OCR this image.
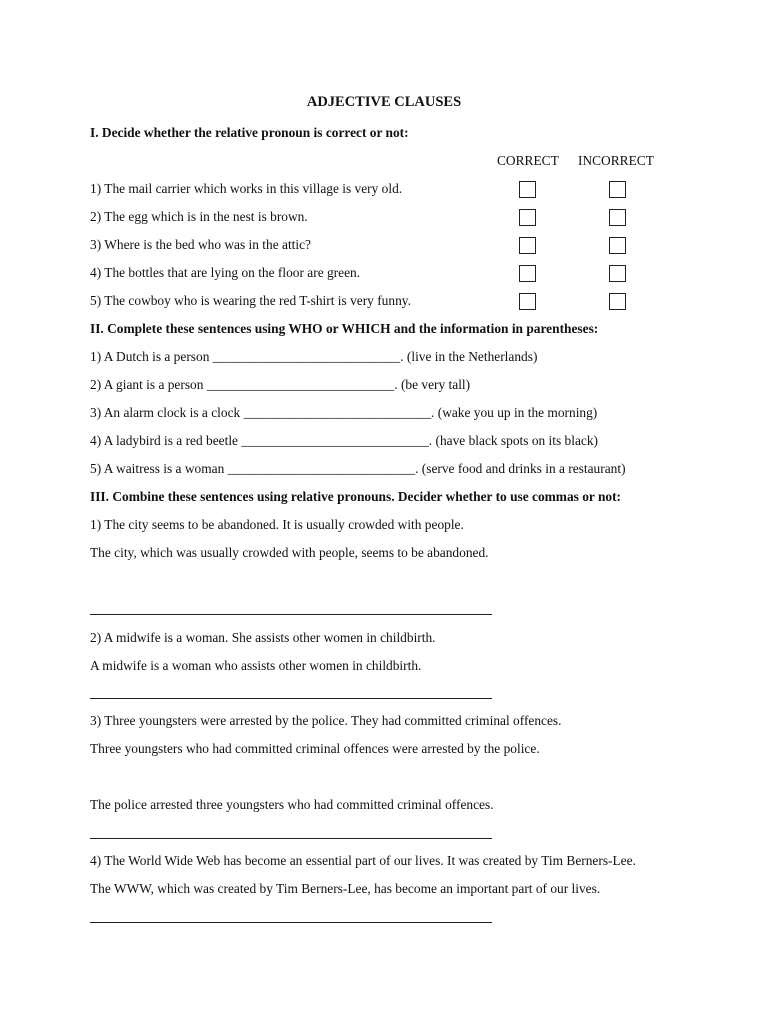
ADJECTIVE CLAUSES
I. Decide whether the relative pronoun is correct or not:
CORRECT INCORRECT
1) The mail carrier which works in this village is very old.
2) The egg which is in the nest is brown.
3) Where is the bed who was in the attic?
4) The bottles that are lying on the floor are green.
5) The cowboy who is wearing the red T-shirt is very funny.
II. Complete these sentences using WHO or WHICH and the information in parentheses:
1) A Dutch is a person ____________________________. (live in the Netherlands)
2) A giant is a person ____________________________. (be very tall)
3) An alarm clock is a clock ____________________________. (wake you up in the morning)
4) A ladybird is a red beetle ____________________________. (have black spots on its black)
5) A waitress is a woman ____________________________. (serve food and drinks in a restaurant)
III. Combine these sentences using relative pronouns. Decider whether to use commas or not:
1) The city seems to be abandoned. It is usually crowded with people.
The city, which was usually crowded with people, seems to be abandoned.
2) A midwife is a woman. She assists other women in childbirth.
A midwife is a woman who assists other women in childbirth.
3) Three youngsters were arrested by the police. They had committed criminal offences.
Three youngsters who had committed criminal offences were arrested by the police.
The police arrested three youngsters who had committed criminal offences.
4) The World Wide Web has become an essential part of our lives. It was created by Tim Berners-Lee.
The WWW, which was created by Tim Berners-Lee, has become an important part of our lives.
